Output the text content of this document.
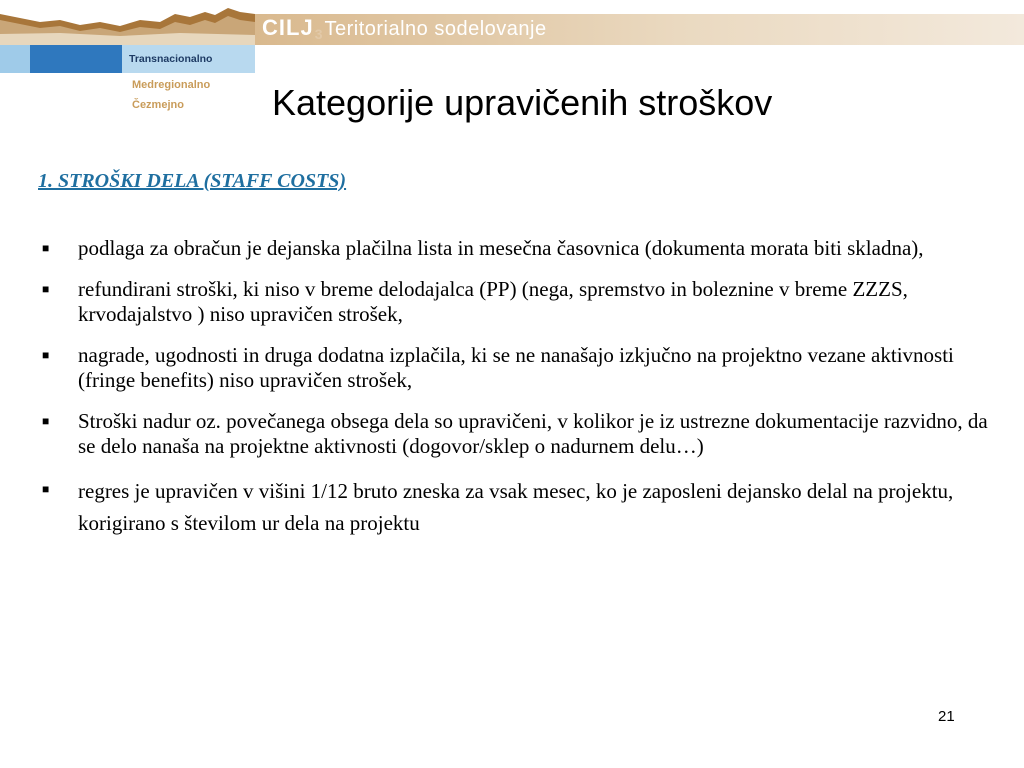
CILJ 3 Teritorialno sodelovanje
Transnacionalno
Medregionalno
Čezmejno Kategorije upravičenih stroškov
1. STROŠKI DELA (STAFF COSTS)
■ podlaga za obračun je dejanska plačilna lista in mesečna časovnica (dokumenta morata biti skladna),
■ refundirani stroški, ki niso v breme delodajalca (PP) (nega, spremstvo in boleznine v breme ZZZS, krvodajalstvo ) niso upravičen strošek,
■ nagrade, ugodnosti in druga dodatna izplačila, ki se ne nanašajo izkjučno na projektno vezane aktivnosti (fringe benefits) niso upravičen strošek,
■ Stroški nadur oz. povečanega obsega dela so upravičeni, v kolikor je iz ustrezne dokumentacije razvidno, da se delo nanaša na projektne aktivnosti (dogovor/sklep o nadurnem delu…)
■ regres je upravičen v višini 1/12 bruto zneska za vsak mesec, ko je zaposleni dejansko delal na projektu, korigirano s številom ur dela na projektu
21
